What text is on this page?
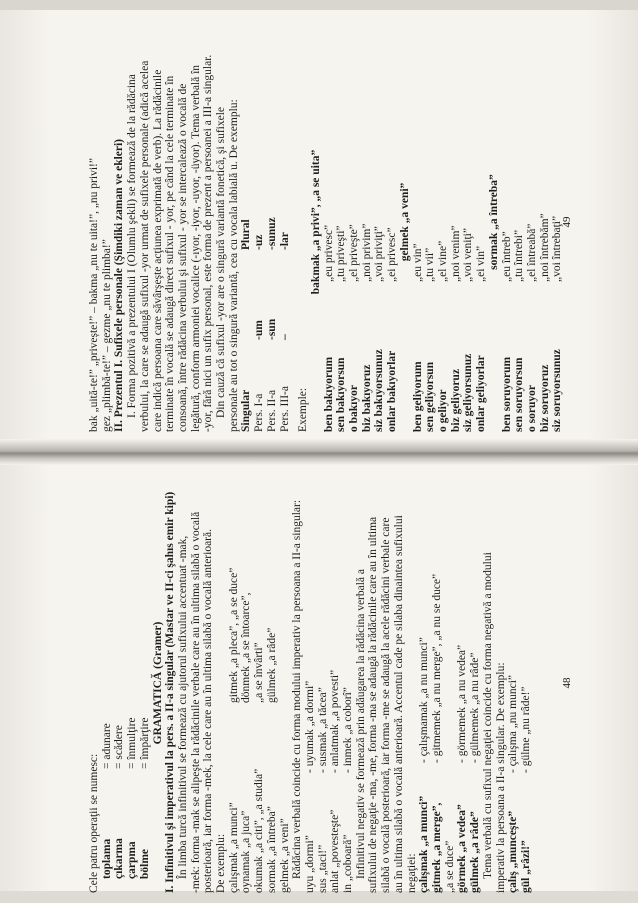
bak „uită-te!” „privește!” – bakma „nu te uita!”, „nu privi!” gez „plimbă-te!” – gezme „nu te plimba!” II. Prezentul I. Sufixele personale (Şimdiki zaman ve ekleri) I. Forma pozitivă a prezentului I (Olumlu şekli) se formează de la rădăcina verbului, la care se adaugă sufixul -yor urmat de sufixele personale (adică acelea care indică persoana care săvârşeşte acţiunea exprimată de verb). La rădăcinile terminate în vocală se adaugă direct sufixul - yor, pe când la cele terminate în consoană, între rădăcina verbului şi sufixul - yor se intercalează o vocală de legătură, conform armoniei vocalice (-ıyor, -iyor, -uyor, -üyor). Tema verbală în -yor, fără nici un sufix personal, este forma de prezent a persoanei a III-a singular. Din cauză că sufixul -yor are o singură variantă fonetică, şi sufixele personale au tot o singură variantă, cea cu vocala labială u. De exemplu: Singular
Plural
Pers. I-a
-um
-uz
Pers. II-a
-sun
-sunuz
Pers. III-a
–
-lar
Exemple:
bakmak „a privi”, „a se uita”
ben bakıyorum
„eu privesc”
sen bakıyorsun
„tu priveşti”
o bakıyor
„el priveşte”
biz bakıyoruz
„noi privim”
siz bakıyorsunuz
„voi priviţi”
onlar bakıyorlar
„ei privesc” gelmek „a veni”
ben geliyorum
„eu vin”
sen geliyorsun
„tu vii”
o geliyor
„el vine”
biz geliyoruz
„noi venim”
siz geliyorsunuz
„voi veniţi”
onlar geliyorlar
„ei vin” sormak „a întreba”
ben soruyorum
„eu întreb”
sen soruyorsun
„tu întrebi”
o soruyor
„el întreabă”
biz soruyoruz
„noi întrebăm”
siz soruyorsunuz
„voi întrebaţi”
49
Cele patru operaţii se numesc: toplama
= adunare
çıkarma
= scădere
çarpma
= înmulţire
bölme
= împărţire GRAMATICĂ (Gramer) I. Infinitivul şi imperativul la pers. a II-a singular (Mastar ve II-ci şahıs emir kipi) În limba turcă infinitivul se formează cu ajutorul sufixului accentuat -mak, -mek: forma -mak se alipeşte la rădăcinile verbale care au în ultima silabă o vocală posterioară, iar forma -mek, la cele care au în ultima silabă o vocală anterioară. De exemplu: çalışmak „a munci”
gitmek „a pleca”, „a se duce”
oynamak „a juca”
dönmek „a se întoarce”,
okumak „a citi”, „a studia”
„a se învârti”
sormak „a întreba”
gülmek „a râde”
gelmek „a veni” Rădăcina verbală coincide cu forma modului imperativ la persoana a II-a singular: uyu „dormi”
- uyumak „a dormi”
sus „taci!”
- susmak „a tăcea”
anlat „povesteşte”
- anlatmak „a povesti”
in „coboară”
- inmek „a coborî” Infinitivul negativ se formează prin adăugarea la rădăcina verbală a sufixului de negaţie -ma, -me, forma -ma se adaugă la rădăcinile care au în ultima silabă o vocală posterioară, iar forma -me se adaugă la acele rădăcini verbale care au în ultima silabă o vocală anterioară. Accentul cade pe silaba dinaintea sufixului negaţiei: çalışmak „a munci”
- çalışmamak „a nu munci”
gitmek „a merge”,
- gitmemek „a nu merge”, „a nu se duce”
„a se duce” görmek „a vedea”
- görmemek „a nu vedea”
gülmek „a râde”
- gülmemek „a nu râde” Tema verbală cu sufixul negaţiei coincide cu forma negativă a modului imperativ la persoana a II-a singular. De exemplu: çalış „munceşte”
- çalışma „nu munci”
gül „râzi!”
- gülme „nu râde!”
48
